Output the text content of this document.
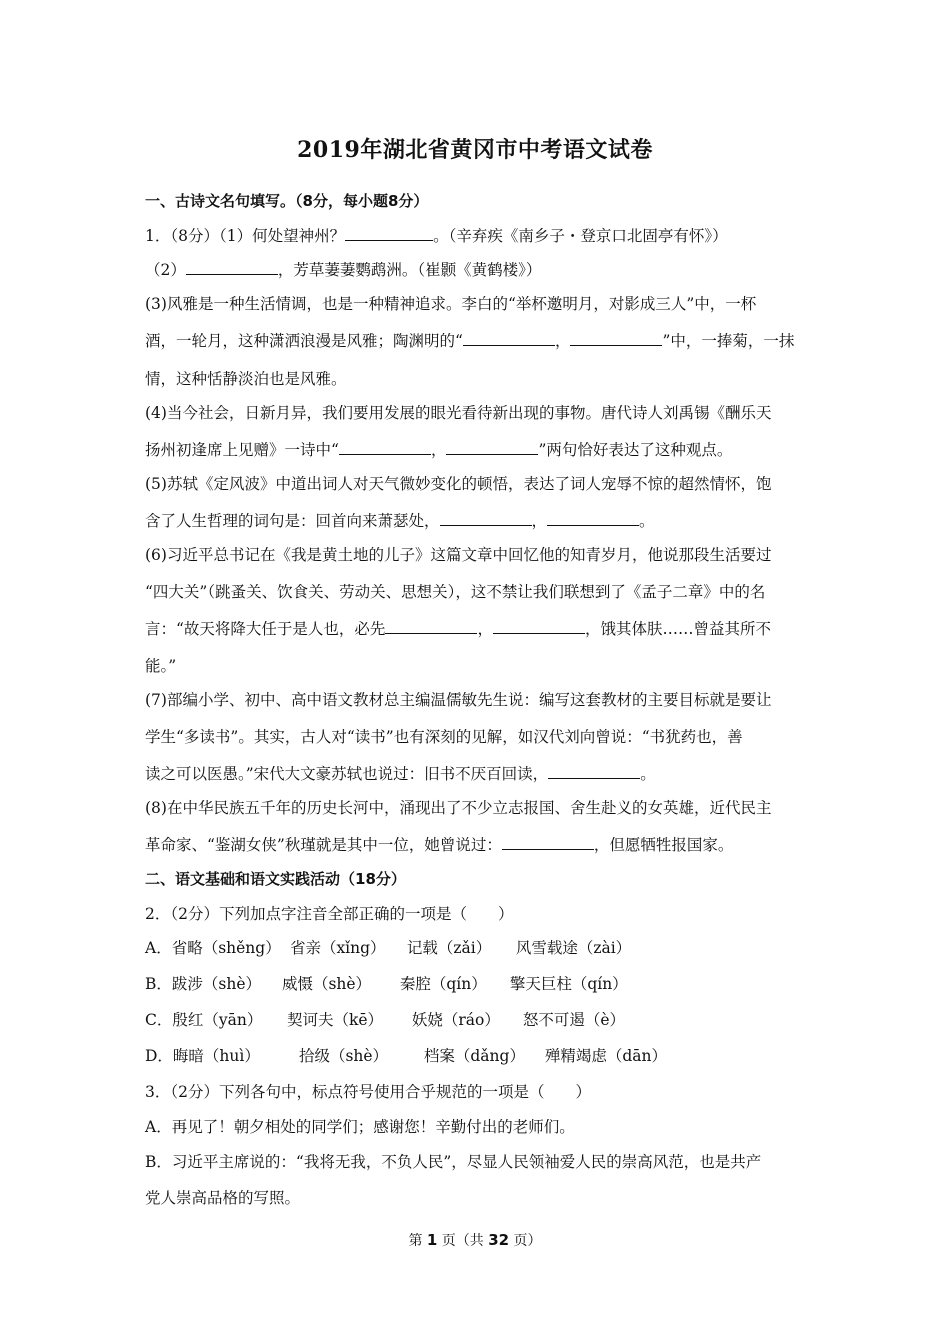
2019年湖北省黄冈市中考语文试卷
一、古诗文名句填写。（8分，每小题8分）
1．（8分）（1）何处望神州？	。（辛弃疾《南乡子・登京口北固亭有怀》）
（2）	，芳草萋萋鹦鹉洲。（崔颢《黄鹤楼》）
(3)风雅是一种生活情调，也是一种精神追求。李白的“举杯邀明月，对影成三人”中，一杯
酒，一轮月，这种潇洒浪漫是风雅；陶渊明的“	，	”中，一捧菊，一抹
情，这种恬静淡泊也是风雅。
(4)当今社会，日新月异，我们要用发展的眼光看待新出现的事物。唐代诗人刘禹锡《酬乐天
扬州初逢席上见赠》一诗中“	，	”两句恰好表达了这种观点。
(5)苏轼《定风波》中道出词人对天气微妙变化的顿悟，表达了词人宠辱不惊的超然情怀，饱
含了人生哲理的词句是：回首向来萧瑟处，	，	。
(6)习近平总书记在《我是黄土地的儿子》这篇文章中回忆他的知青岁月，他说那段生活要过
“四大关”（跳蚤关、饮食关、劳动关、思想关），这不禁让我们联想到了《孟子二章》中的名
言：“故天将降大任于是人也，必先	，	，饿其体肤……曾益其所不
能。”
(7)部编小学、初中、高中语文教材总主编温儒敏先生说：编写这套教材的主要目标就是要让
学生“多读书”。其实，古人对“读书”也有深刻的见解，如汉代刘向曾说：“书犹药也，善
读之可以医愚。”宋代大文豪苏轼也说过：旧书不厌百回读，	。
(8)在中华民族五千年的历史长河中，涌现出了不少立志报国、舍生赴义的女英雄，近代民主
革命家、“鉴湖女侠”秋瑾就是其中一位，她曾说过：	，但愿牺牲报国家。
二、语文基础和语文实践活动（18分）
2．（2分）下列加点字注音全部正确的一项是（　　）
A．省略（shěng） 省亲（xǐng） 记载（zǎi） 风雪载途（zài）
B．跋涉（shè） 威慑（shè） 秦腔（qín） 擎天巨柱（qín）
C．殷红（yān） 契诃夫（kē） 妖娆（ráo） 怒不可遏（è）
D．晦暗（huì）	拾级（shè） 档案（dǎng） 殚精竭虑（dān）
3．（2分）下列各句中，标点符号使用合乎规范的一项是（　　）
A．再见了！朝夕相处的同学们；感谢您！辛勤付出的老师们。
B．习近平主席说的：“我将无我，不负人民”，尽显人民领袖爱人民的崇高风范，也是共产
党人崇高品格的写照。
第 1 页（共 32 页）
